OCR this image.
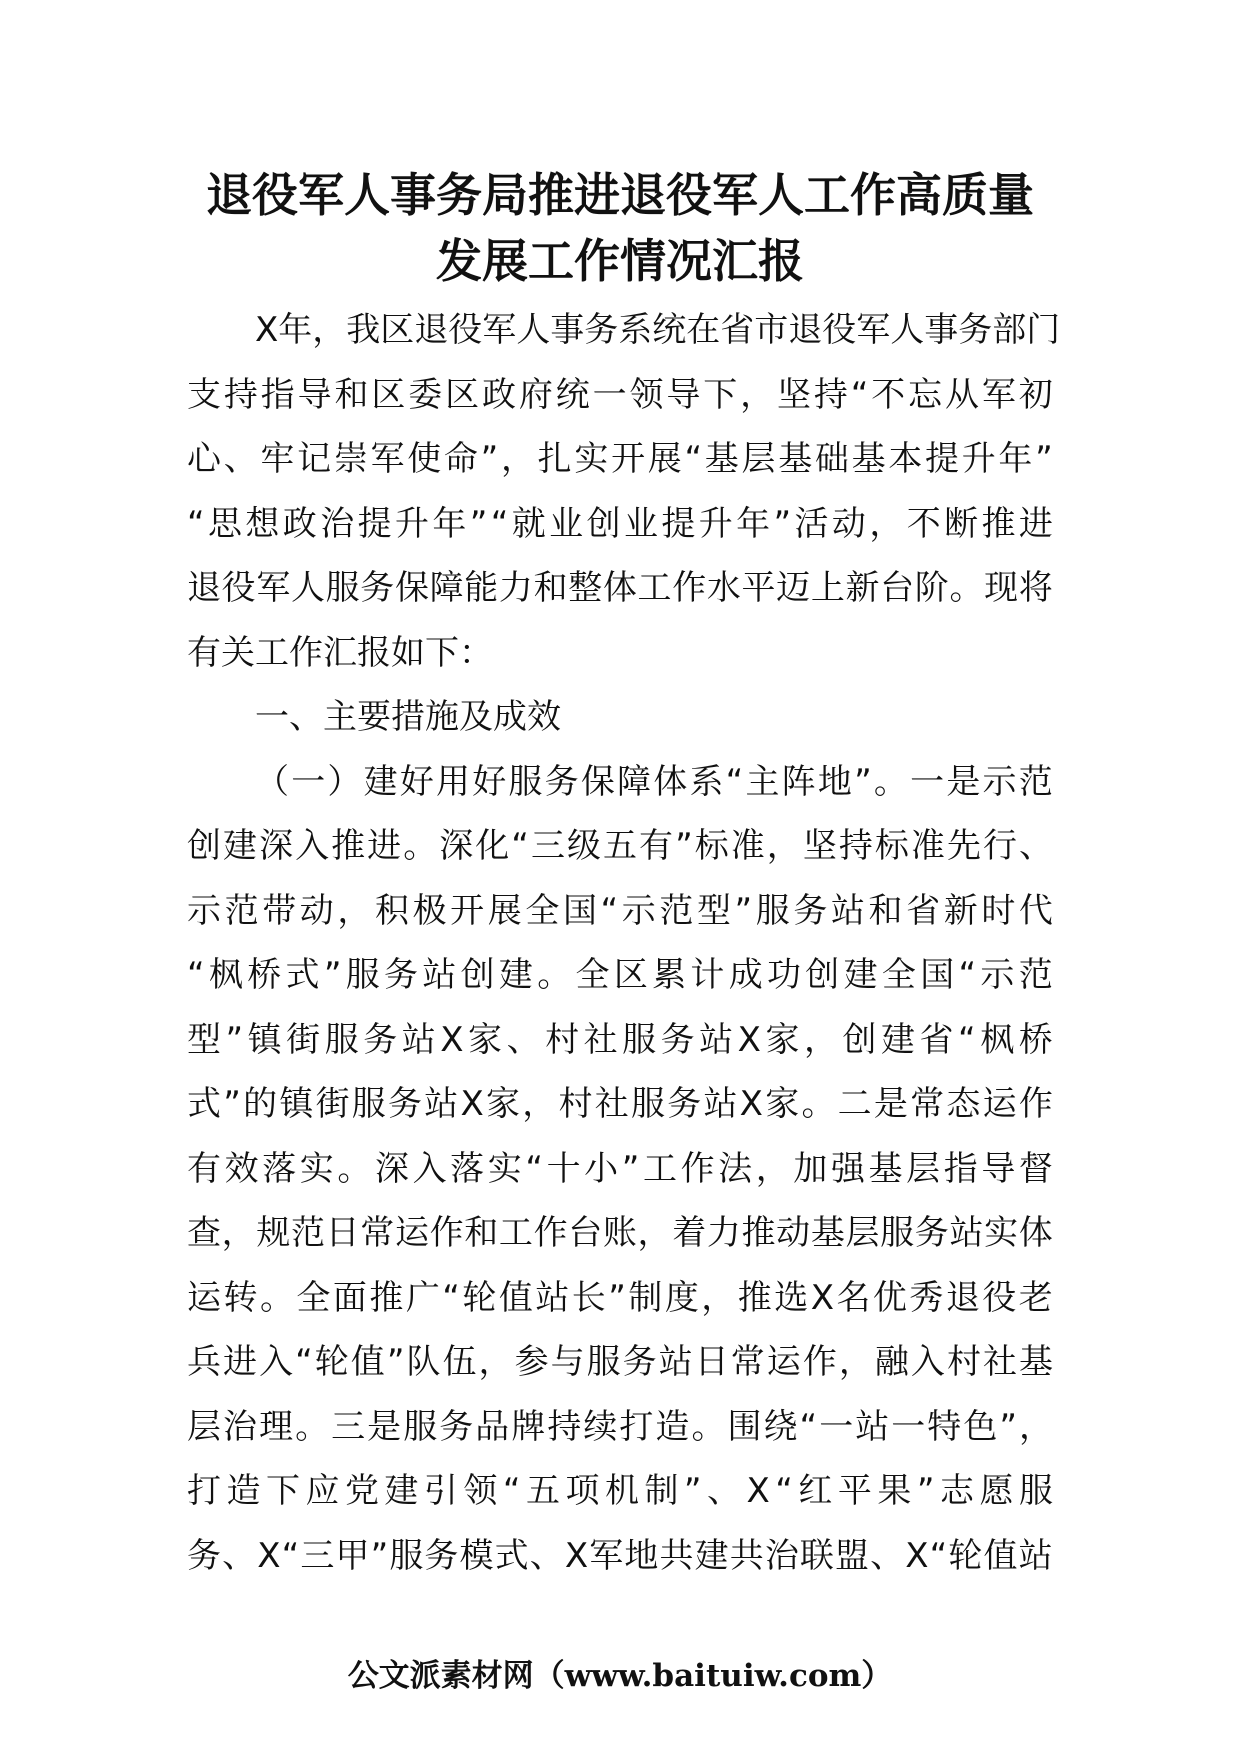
退役军人事务局推进退役军人工作高质量
发展工作情况汇报
X 年 ， 我 区 退 役 军 人 事 务 系 统 在 省 市 退 役 军 人 事 务 部 门
支 持 指 导 和 区 委 区 政 府 统 一 领 导 下 ， 坚 持 “ 不 忘 从 军 初
心 、 牢 记 崇 军 使 命 ” ， 扎 实 开 展 “ 基 层 基 础 基 本 提 升 年 ”
“ 思 想 政 治 提 升 年 ” “ 就 业 创 业 提 升 年 ” 活 动 ， 不 断 推 进
退 役 军 人 服 务 保 障 能 力 和 整 体 工 作 水 平 迈 上 新 台 阶 。 现 将
有关工作汇报如下：
一、主要措施及成效
（ 一 ） 建 好 用 好 服 务 保 障 体 系 “ 主 阵 地 ” 。 一 是 示 范
创 建 深 入 推 进 。 深 化 “ 三 级 五 有 ” 标 准 ， 坚 持 标 准 先 行 、
示 范 带 动 ， 积 极 开 展 全 国 “ 示 范 型 ” 服 务 站 和 省 新 时 代
“ 枫 桥 式 ” 服 务 站 创 建 。 全 区 累 计 成 功 创 建 全 国 “ 示 范
型 ” 镇 街 服 务 站 X 家 、 村 社 服 务 站 X 家 ， 创 建 省 “ 枫 桥
式 ” 的 镇 街 服 务 站 X 家 ， 村 社 服 务 站 X 家 。 二 是 常 态 运 作
有 效 落 实 。 深 入 落 实 “ 十 小 ” 工 作 法 ， 加 强 基 层 指 导 督
查 ， 规 范 日 常 运 作 和 工 作 台 账 ， 着 力 推 动 基 层 服 务 站 实 体
运 转 。 全 面 推 广 “ 轮 值 站 长 ” 制 度 ， 推 选 X 名 优 秀 退 役 老
兵 进 入 “ 轮 值 ” 队 伍 ， 参 与 服 务 站 日 常 运 作 ， 融 入 村 社 基
层 治 理 。 三 是 服 务 品 牌 持 续 打 造 。 围 绕 “ 一 站 一 特 色 ” ，
打 造 下 应 党 建 引 领 “ 五 项 机 制 ” 、 X “ 红 平 果 ” 志 愿 服
务 、 X “ 三 甲 ” 服 务 模 式 、 X 军 地 共 建 共 治 联 盟 、 X “ 轮 值 站
公文派素材网（www.baituiw.com）
